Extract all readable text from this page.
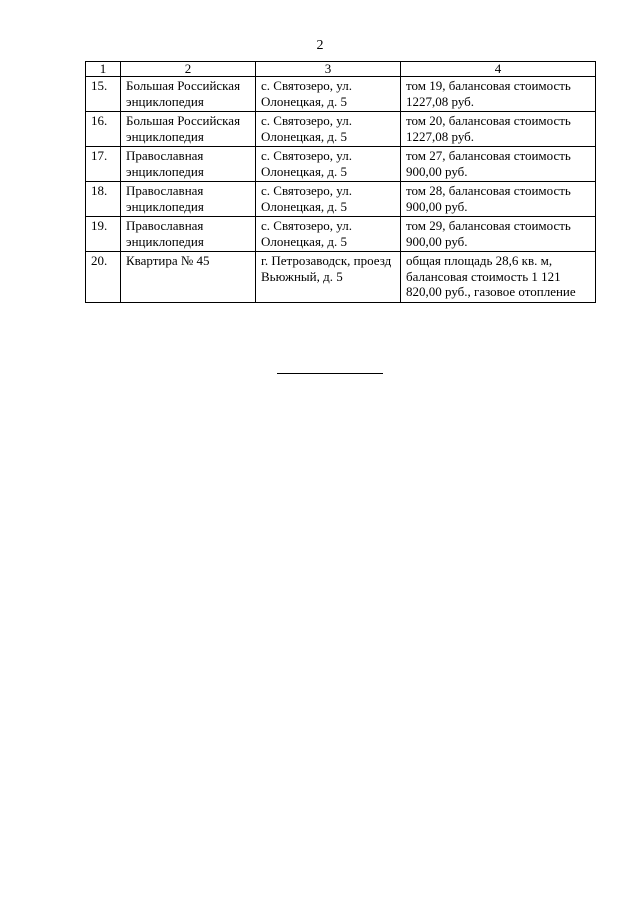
2
1	2	3	4
15.	Большая Российская энциклопедия	с. Святозеро, ул. Олонецкая, д. 5	том 19, балансовая стоимость 1227,08 руб.
16.	Большая Российская энциклопедия	с. Святозеро, ул. Олонецкая, д. 5	том 20, балансовая стоимость 1227,08 руб.
17.	Православная энциклопедия	с. Святозеро, ул. Олонецкая, д. 5	том 27, балансовая стоимость 900,00 руб.
18.	Православная энциклопедия	с. Святозеро, ул. Олонецкая, д. 5	том 28, балансовая стоимость 900,00 руб.
19.	Православная энциклопедия	с. Святозеро, ул. Олонецкая, д. 5	том 29, балансовая стоимость 900,00 руб.
20.	Квартира № 45	г. Петрозаводск, проезд Вьюжный, д. 5	общая площадь 28,6 кв. м, балансовая стоимость 1 121 820,00 руб., газовое отопление
